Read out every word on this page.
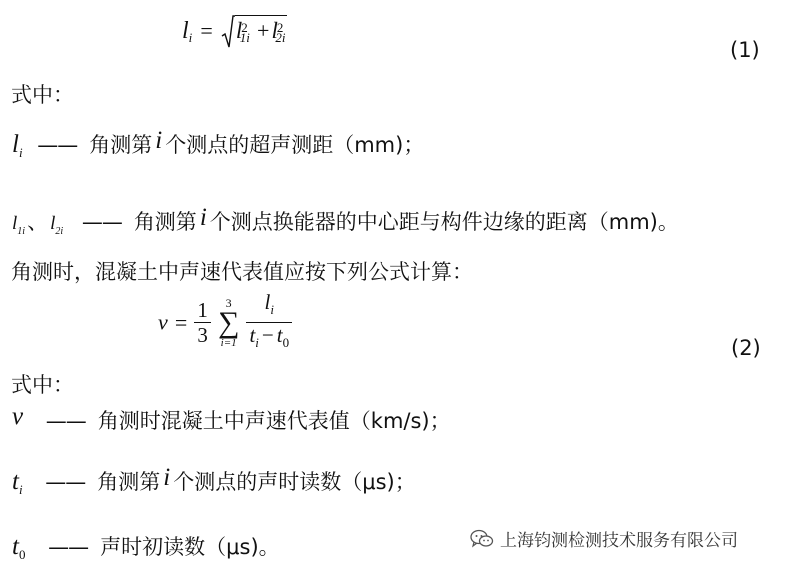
$l_i = l^2_{1i} +l^2_{2i}$
(1)
式中：
$l_i$ —— 角测第 i 个测点的超声测距（mm)；
$l_{1i}$、 $l_{2i}$ —— 角测第 i 个测点换能器的中心距与构件边缘的距离（mm)。
角测时，混凝土中声速代表值应按下列公式计算：
$v = \frac{1}{3}$
	3
∑
i=1
$\frac{l_i}{t_i - t_0}$	(2)
式中：
v —— 角测时混凝土中声速代表值（km/s)；
$t_i$ —— 角测第 i 个测点的声时读数（μs)；
$t_0$ —— 声时初读数（μs)。	上海钧测检测技术服务有限公司
